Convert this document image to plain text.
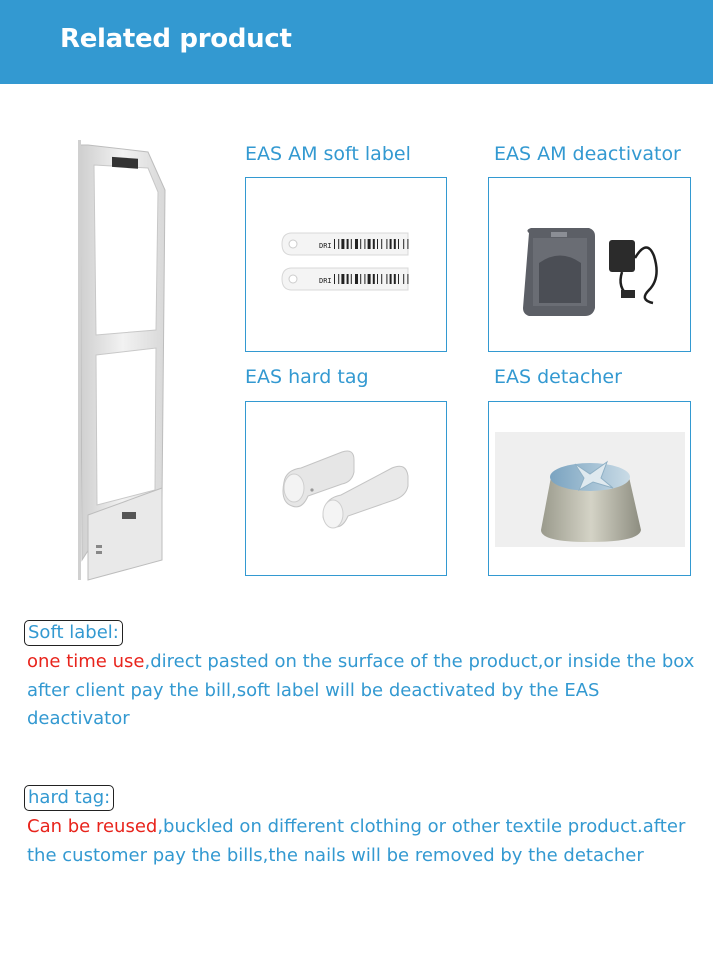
Related product
EAS AM soft label
DRI
DRI
EAS AM deactivator
EAS hard tag	EAS detacher
Soft label:
one time use,direct pasted on the surface of the product,or inside the box after client pay the bill,soft label will be deactivated by the EAS deactivator
hard tag:
Can be reused,buckled on different clothing or other textile product.after the customer pay the bills,the nails will be removed by the detacher
